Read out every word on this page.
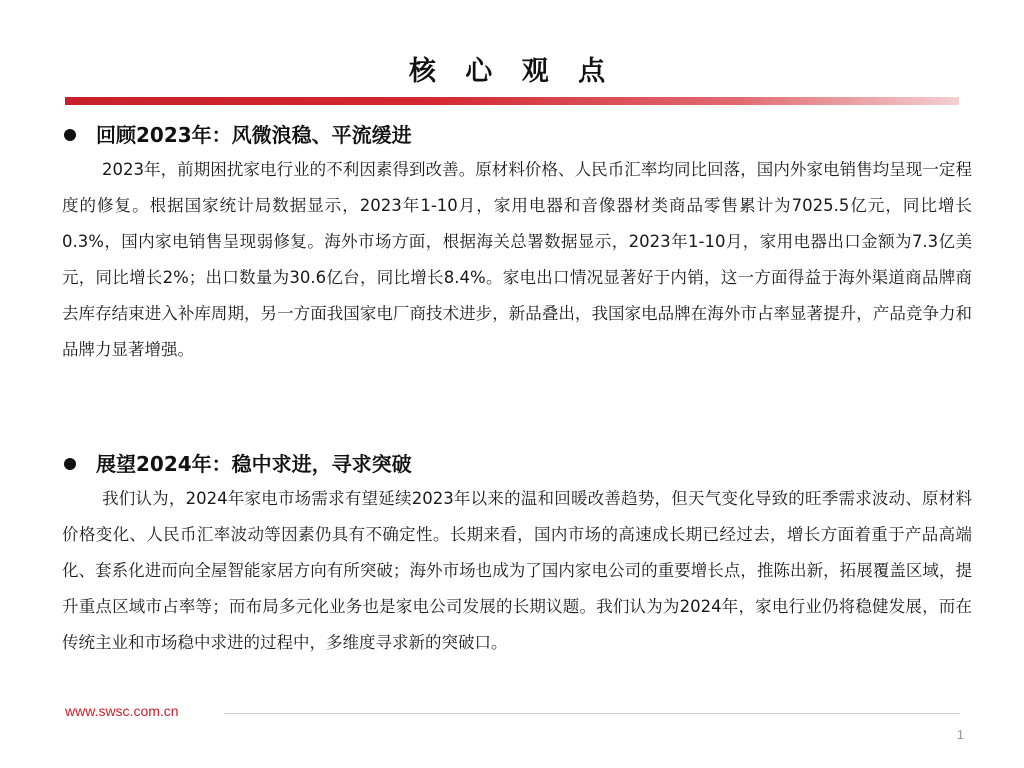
核 心 观 点
回顾2023年：风微浪稳、平流缓进

2023年，前期困扰家电行业的不利因素得到改善。原材料价格、人民币汇率均同比回落，国内外家电销售均呈现一定程度的修复。根据国家统计局数据显示，2023年1-10月，家用电器和音像器材类商品零售累计为7025.5亿元，同比增长0.3%，国内家电销售呈现弱修复。海外市场方面，根据海关总署数据显示，2023年1-10月，家用电器出口金额为7.3亿美元，同比增长2%；出口数量为30.6亿台，同比增长8.4%。家电出口情况显著好于内销，这一方面得益于海外渠道商品牌商去库存结束进入补库周期，另一方面我国家电厂商技术进步，新品叠出，我国家电品牌在海外市占率显著提升，产品竞争力和品牌力显著增强。

展望2024年：稳中求进，寻求突破

我们认为，2024年家电市场需求有望延续2023年以来的温和回暖改善趋势，但天气变化导致的旺季需求波动、原材料价格变化、人民币汇率波动等因素仍具有不确定性。长期来看，国内市场的高速成长期已经过去，增长方面着重于产品高端化、套系化进而向全屋智能家居方向有所突破；海外市场也成为了国内家电公司的重要增长点，推陈出新，拓展覆盖区域，提升重点区域市占率等；而布局多元化业务也是家电公司发展的长期议题。我们认为为2024年，家电行业仍将稳健发展，而在传统主业和市场稳中求进的过程中，多维度寻求新的突破口。

www.swsc.com.cn
1
